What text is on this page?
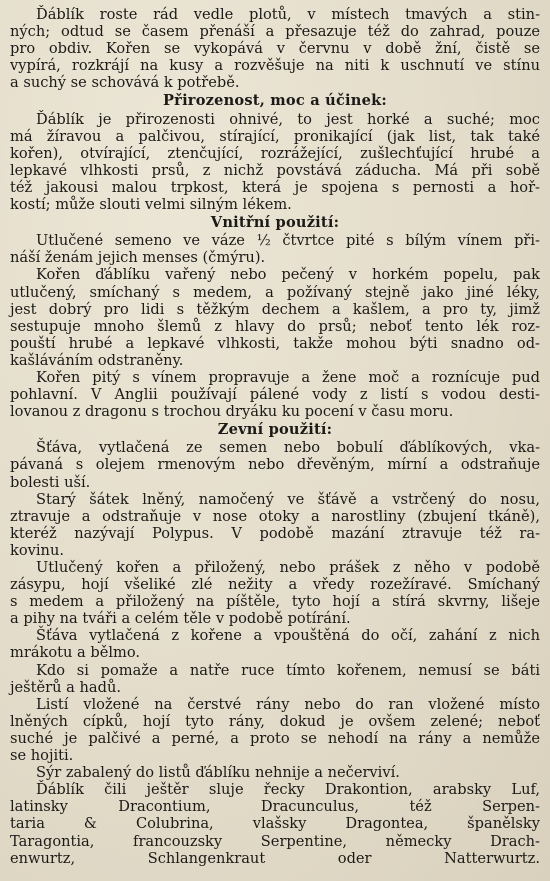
Ďáblík roste rád vedle plotů, v místech tmavých a stin-
ných; odtud se časem přenáší a přesazuje též do zahrad, pouze
pro obdiv. Kořen se vykopává v červnu v době žní, čistě se
vypírá, rozkrájí na kusy a rozvěšuje na niti k uschnutí ve stínu
a suchý se schovává k potřebě.
Přirozenost, moc a účinek:
Ďáblík je přirozenosti ohnivé, to jest horké a suché; moc
má žíravou a palčivou, stírající, pronikající (jak list, tak také
kořen), otvírající, ztenčující, rozrážející, zušlechťující hrubé a
lepkavé vlhkosti prsů, z nichž povstává záducha. Má při sobě
též jakousi malou trpkost, která je spojena s pernosti a hoř-
kostí; může slouti velmi silným lékem.
Vnitřní použití:
Utlučené semeno ve váze ½ čtvrtce pité s bílým vínem při-
náší ženám jejich menses (čmýru).
Kořen ďáblíku vařený nebo pečený v horkém popelu, pak
utlučený, smíchaný s medem, a požívaný stejně jako jiné léky,
jest dobrý pro lidi s těžkým dechem a kašlem, a pro ty, jimž
sestupuje mnoho šlemů z hlavy do prsů; neboť tento lék roz-
pouští hrubé a lepkavé vlhkosti, takže mohou býti snadno od-
kašláváním odstraněny.
Kořen pitý s vínem propravuje a žene moč a roznícuje pud
pohlavní. V Anglii používají pálené vody z listí s vodou desti-
lovanou z dragonu s trochou dryáku ku pocení v času moru.
Zevní použití:
Šťáva, vytlačená ze semen nebo bobulí ďáblíkových, vka-
pávaná s olejem rmenovým nebo dřevěným, mírní a odstraňuje
bolesti uší.
Starý šátek lněný, namočený ve šťávě a vstrčený do nosu,
ztravuje a odstraňuje v nose otoky a narostliny (zbujení tkáně),
kteréž nazývají Polypus. V podobě mazání ztravuje též ra-
kovinu.
Utlučený kořen a přiložený, nebo prášek z něho v podobě
zásypu, hojí všeliké zlé nežity a vředy rozežíravé. Smíchaný
s medem a přiložený na píštěle, tyto hojí a stírá skvrny, lišeje
a pihy na tváři a celém těle v podobě potírání.
Šťáva vytlačená z kořene a vpouštěná do očí, zahání z nich
mrákotu a bělmo.
Kdo si pomaže a natře ruce tímto kořenem, nemusí se báti
ještěrů a hadů.
Listí vložené na čerstvé rány nebo do ran vložené místo
lněných cípků, hojí tyto rány, dokud je ovšem zelené; neboť
suché je palčivé a perné, a proto se nehodí na rány a nemůže
se hojiti.
Sýr zabalený do listů ďáblíku nehnije a nečerviví.
Ďáblík čili ještěr sluje řecky Drakontion, arabsky Luf,
latinsky Dracontium, Dracunculus, též Serpen-
taria & Colubrina, vlašsky Dragontea, španělsky
Taragontia, francouzsky Serpentine, německy Drach-
enwurtz, Schlangenkraut oder Natterwurtz.
